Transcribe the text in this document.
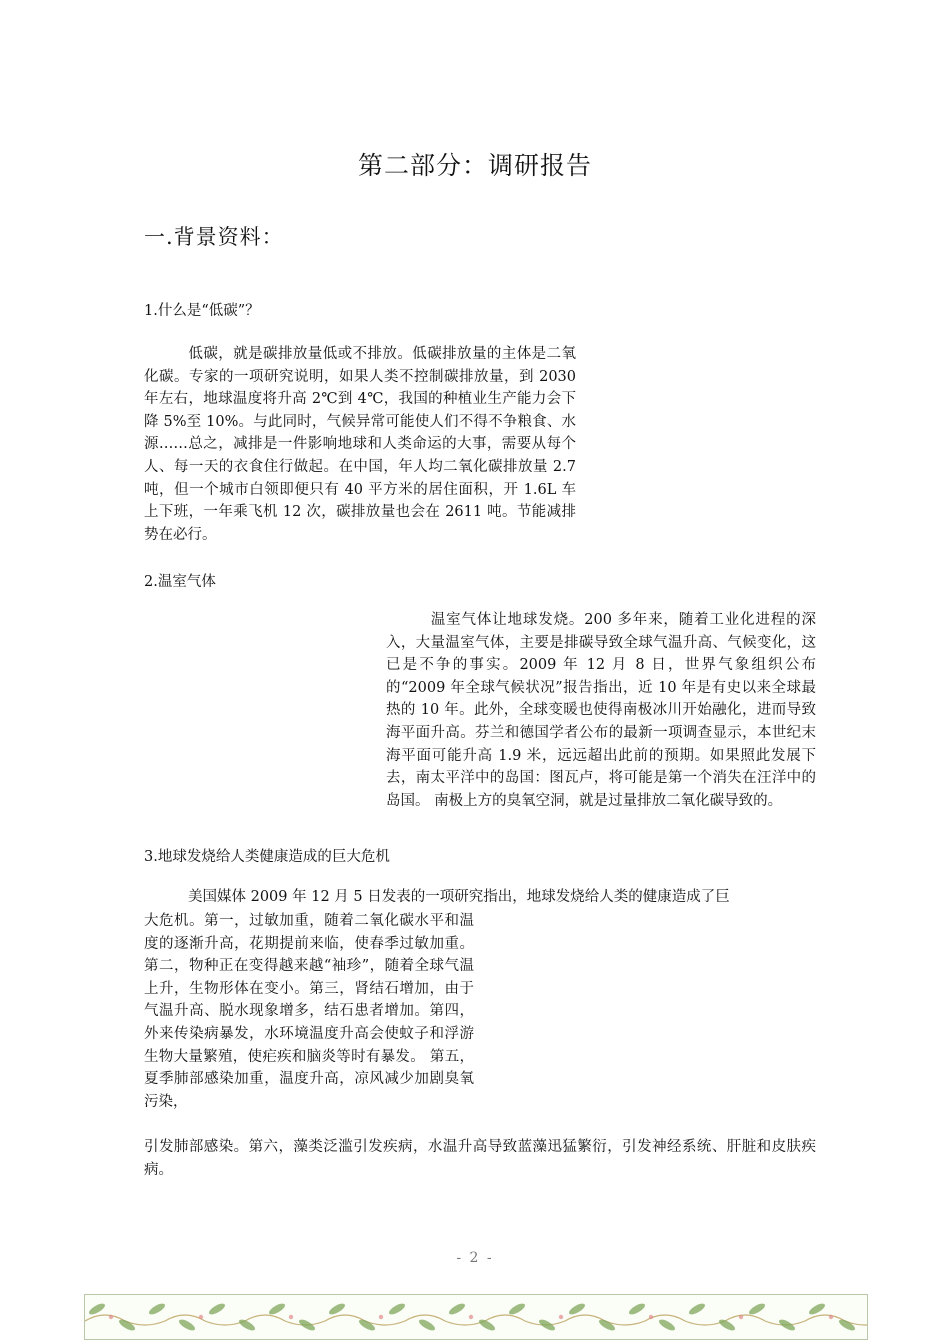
第二部分：调研报告
一.背景资料：
1.什么是“低碳”？
低碳，就是碳排放量低或不排放。低碳排放量的主体是二氧化碳。专家的一项研究说明，如果人类不控制碳排放量，到 2030 年左右，地球温度将升高 2℃到 4℃，我国的种植业生产能力会下降 5%至 10%。与此同时，气候异常可能使人们不得不争粮食、水源……总之，减排是一件影响地球和人类命运的大事，需要从每个人、每一天的衣食住行做起。在中国，年人均二氧化碳排放量 2.7 吨，但一个城市白领即便只有 40 平方米的居住面积，开 1.6L 车上下班，一年乘飞机 12 次，碳排放量也会在 2611 吨。节能减排势在必行。
2.温室气体
温室气体让地球发烧。200 多年来，随着工业化进程的深入，大量温室气体，主要是排碳导致全球气温升高、气候变化，这已是不争的事实。2009 年 12 月 8 日，世界气象组织公布的“2009 年全球气候状况”报告指出，近 10 年是有史以来全球最热的 10 年。此外，全球变暖也使得南极冰川开始融化，进而导致海平面升高。芬兰和德国学者公布的最新一项调查显示，本世纪末海平面可能升高 1.9 米，远远超出此前的预期。如果照此发展下去，南太平洋中的岛国：图瓦卢，将可能是第一个消失在汪洋中的岛国。 南极上方的臭氧空洞，就是过量排放二氧化碳导致的。
3.地球发烧给人类健康造成的巨大危机
美国媒体 2009 年 12 月 5 日发表的一项研究指出，地球发烧给人类的健康造成了巨
大危机。第一，过敏加重，随着二氧化碳水平和温度的逐渐升高，花期提前来临，使春季过敏加重。第二，物种正在变得越来越“袖珍”，随着全球气温上升，生物形体在变小。第三，肾结石增加，由于气温升高、脱水现象增多，结石患者增加。第四，外来传染病暴发，水环境温度升高会使蚊子和浮游生物大量繁殖，使疟疾和脑炎等时有暴发。 第五，夏季肺部感染加重，温度升高，凉风减少加剧臭氧污染，
引发肺部感染。第六，藻类泛滥引发疾病，水温升高导致蓝藻迅猛繁衍，引发神经系统、肝脏和皮肤疾病。
- 2 -
